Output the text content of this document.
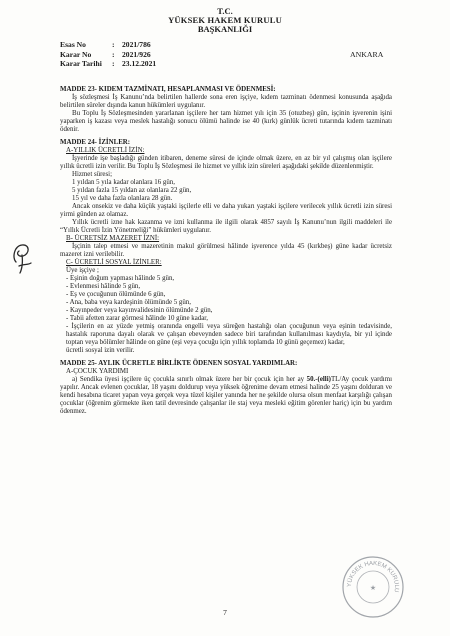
T.C.
YÜKSEK HAKEM KURULU
BAŞKANLIĞI
Esas No	: 2021/786
Karar No	: 2021/926
Karar Tarihi	: 23.12.2021
ANKARA

MADDE 23- KIDEM TAZMİNATI, HESAPLANMASI VE ÖDENMESİ:

İş sözleşmesi İş Kanunu’nda belirtilen hallerde sona eren işçiye, kıdem tazminatı ödenmesi konusunda aşağıda belirtilen süreler dışında kanun hükümleri uygulanır.

Bu Toplu İş Sözleşmesinden yararlanan işçilere her tam hizmet yılı için 35 (otuzbeş) gün, işçinin işverenin işini yaparken iş kazası veya meslek hastalığı sonucu ölümü halinde ise 40 (kırk) günlük ücreti tutarında kıdem tazminatı ödenir.

MADDE 24- İZİNLER:

A-YILLIK ÜCRETLİ İZİN:

İşyerinde işe başladığı günden itibaren, deneme süresi de içinde olmak üzere, en az bir yıl çalışmış olan işçilere yıllık ücretli izin verilir. Bu Toplu İş Sözleşmesi ile hizmet ve yıllık izin süreleri aşağıdaki şekilde düzenlenmiştir.

Hizmet süresi;

1 yıldan 5 yıla kadar olanlara 16 gün,

5 yıldan fazla 15 yıldan az olanlara 22 gün,

15 yıl ve daha fazla olanlara 28 gün.

Ancak onsekiz ve daha küçük yaştaki işçilerle elli ve daha yukarı yaştaki işçilere verilecek yıllık ücretli izin süresi yirmi günden az olamaz.

Yıllık ücretli izne hak kazanma ve izni kullanma ile ilgili olarak 4857 sayılı İş Kanunu’nun ilgili maddeleri ile “Yıllık Ücretli İzin Yönetmeliği” hükümleri uygulanır.

B- ÜCRETSİZ MAZERET İZNİ:

İşçinin talep etmesi ve mazeretinin makul görülmesi hâlinde işverence yılda 45 (kırkbeş) güne kadar ücretsiz mazeret izni verilebilir.

C- ÜCRETLİ SOSYAL İZİNLER:

Üye işçiye ;

- Eşinin doğum yapması hâlinde 5 gün,

- Evlenmesi hâlinde 5 gün,

- Eş ve çocuğunun ölümünde 6 gün,

- Ana, baba veya kardeşinin ölümünde 5 gün,

- Kayınpeder veya kayınvalidesinin ölümünde 2 gün,

- Tabii afetten zarar görmesi hâlinde 10 güne kadar,

- İşçilerin en az yüzde yetmiş oranında engelli veya süreğen hastalığı olan çocuğunun veya eşinin tedavisinde, hastalık raporuna dayalı olarak ve çalışan ebeveynden sadece biri tarafından kullanılması kaydıyla, bir yıl içinde toptan veya bölümler hâlinde on güne (eşi veya çocuğu için yıllık toplamda 10 günü geçemez) kadar,

ücretli sosyal izin verilir.

MADDE 25- AYLIK ÜCRETLE BİRLİKTE ÖDENEN SOSYAL YARDIMLAR:

A-ÇOCUK YARDIMI

a) Sendika üyesi işçilere üç çocukla sınırlı olmak üzere her bir çocuk için her ay 50.-(elli)TL/Ay çocuk yardımı yapılır. Ancak evlenen çocuklar, 18 yaşını doldurup veya yüksek öğrenime devam etmesi halinde 25 yaşını dolduran ve kendi hesabına ticaret yapan veya gerçek veya tüzel kişiler yanında her ne şekilde olursa olsun menfaat karşılığı çalışan çocuklar (öğrenim görmekte iken tatil devresinde çalışanlar ile staj veya mesleki eğitim görenler hariç) için bu yardım ödenmez.

YÜKSEK HAKEM KURULU
★
7
